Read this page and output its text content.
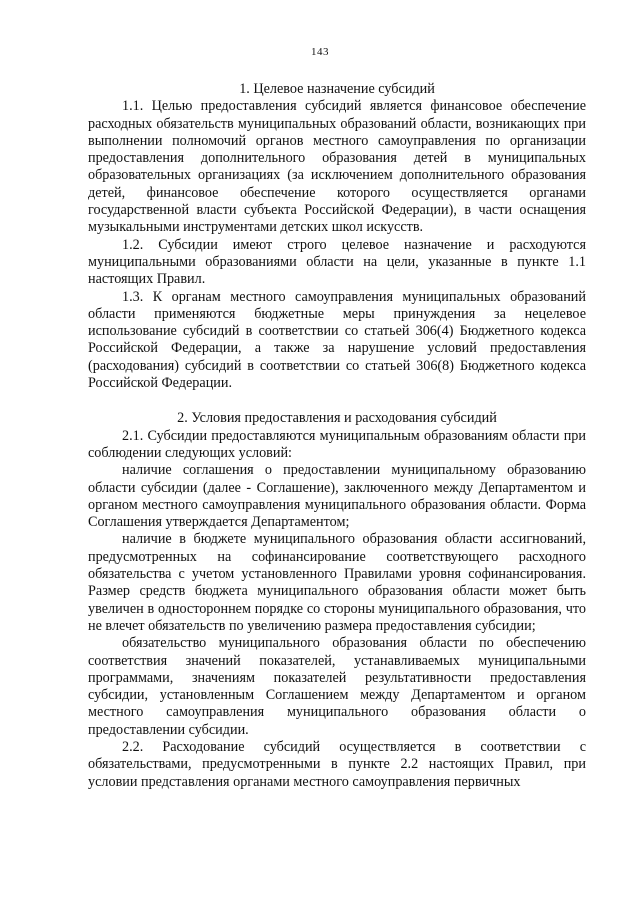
143

1. Целевое назначение субсидий

1.1. Целью предоставления субсидий является финансовое обеспечение расходных обязательств муниципальных образований области, возникающих при выполнении полномочий органов местного самоуправления по организации предоставления дополнительного образования детей в муниципальных образовательных организациях (за исключением дополнительного образования детей, финансовое обеспечение которого осуществляется органами государственной власти субъекта Российской Федерации), в части оснащения музыкальными инструментами детских школ искусств.

1.2. Субсидии имеют строго целевое назначение и расходуются муниципальными образованиями области на цели, указанные в пункте 1.1 настоящих Правил.

1.3. К органам местного самоуправления муниципальных образований области применяются бюджетные меры принуждения за нецелевое использование субсидий в соответствии со статьей 306(4) Бюджетного кодекса Российской Федерации, а также за нарушение условий предоставления (расходования) субсидий в соответствии со статьей 306(8) Бюджетного кодекса Российской Федерации.

2. Условия предоставления и расходования субсидий

2.1. Субсидии предоставляются муниципальным образованиям области при соблюдении следующих условий:

наличие соглашения о предоставлении муниципальному образованию области субсидии (далее - Соглашение), заключенного между Департаментом и органом местного самоуправления муниципального образования области. Форма Соглашения утверждается Департаментом;

наличие в бюджете муниципального образования области ассигнований, предусмотренных на софинансирование соответствующего расходного обязательства с учетом установленного Правилами уровня софинансирования. Размер средств бюджета муниципального образования области может быть увеличен в одностороннем порядке со стороны муниципального образования, что не влечет обязательств по увеличению размера предоставления субсидии;

обязательство муниципального образования области по обеспечению соответствия значений показателей, устанавливаемых муниципальными программами, значениям показателей результативности предоставления субсидии, установленным Соглашением между Департаментом и органом местного самоуправления муниципального образования области о предоставлении субсидии.

2.2. Расходование субсидий осуществляется в соответствии с обязательствами, предусмотренными в пункте 2.2 настоящих Правил, при условии представления органами местного самоуправления первичных
